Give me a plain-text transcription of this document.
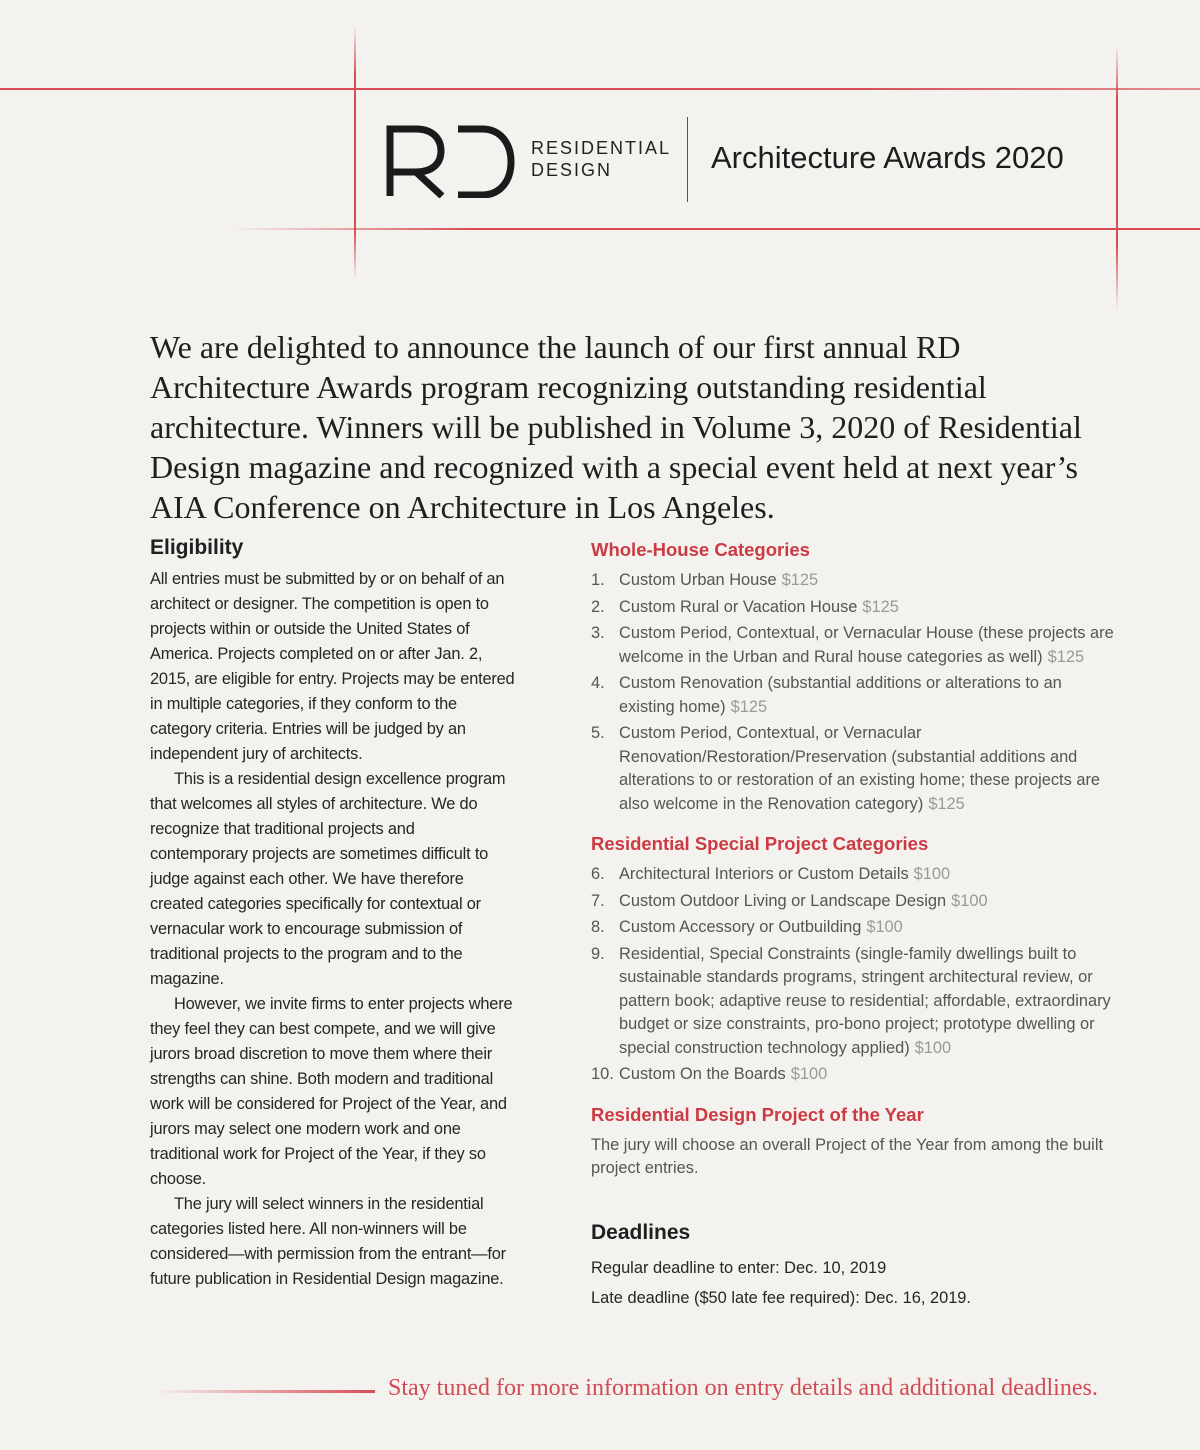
RESIDENTIAL
DESIGN	Architecture Awards 2020

We are delighted to announce the launch of our first annual RD Architecture Awards program recognizing outstanding residential architecture. Winners will be published in Volume 3, 2020 of Residential Design magazine and recognized with a special event held at next year’s AIA Conference on Architecture in Los Angeles.

Eligibility

All entries must be submitted by or on behalf of an architect or designer. The competition is open to projects within or outside the United States of America. Projects completed on or after Jan. 2, 2015, are eligible for entry. Projects may be entered in multiple categories, if they conform to the category criteria. Entries will be judged by an independent jury of architects.

This is a residential design excellence program that welcomes all styles of architecture. We do recognize that traditional projects and contemporary projects are sometimes difficult to judge against each other. We have therefore created categories specifically for contextual or vernacular work to encourage submission of traditional projects to the program and to the magazine.

However, we invite firms to enter projects where they feel they can best compete, and we will give jurors broad discretion to move them where their strengths can shine. Both modern and traditional work will be considered for Project of the Year, and jurors may select one modern work and one traditional work for Project of the Year, if they so choose.

The jury will select winners in the residential categories listed here. All non-winners will be considered—with permission from the entrant—for future publication in Residential Design magazine.

Whole-House Categories
1. Custom Urban House $125
2. Custom Rural or Vacation House $125
3. Custom Period, Contextual, or Vernacular House (these projects are welcome in the Urban and Rural house categories as well) $125
4. Custom Renovation (substantial additions or alterations to an existing home) $125
5. Custom Period, Contextual, or Vernacular Renovation/Restoration/Preservation (substantial additions and alterations to or restoration of an existing home; these projects are also welcome in the Renovation category) $125
Residential Special Project Categories
6. Architectural Interiors or Custom Details $100
7. Custom Outdoor Living or Landscape Design $100
8. Custom Accessory or Outbuilding $100
9. Residential, Special Constraints (single-family dwellings built to sustainable standards programs, stringent architectural review, or pattern book; adaptive reuse to residential; affordable, extraordinary budget or size constraints, pro-bono project; prototype dwelling or special construction technology applied) $100
10. Custom On the Boards $100
Residential Design Project of the Year

The jury will choose an overall Project of the Year from among the built project entries.

Deadlines

Regular deadline to enter: Dec. 10, 2019

Late deadline ($50 late fee required): Dec. 16, 2019.

Stay tuned for more information on entry details and additional deadlines.
